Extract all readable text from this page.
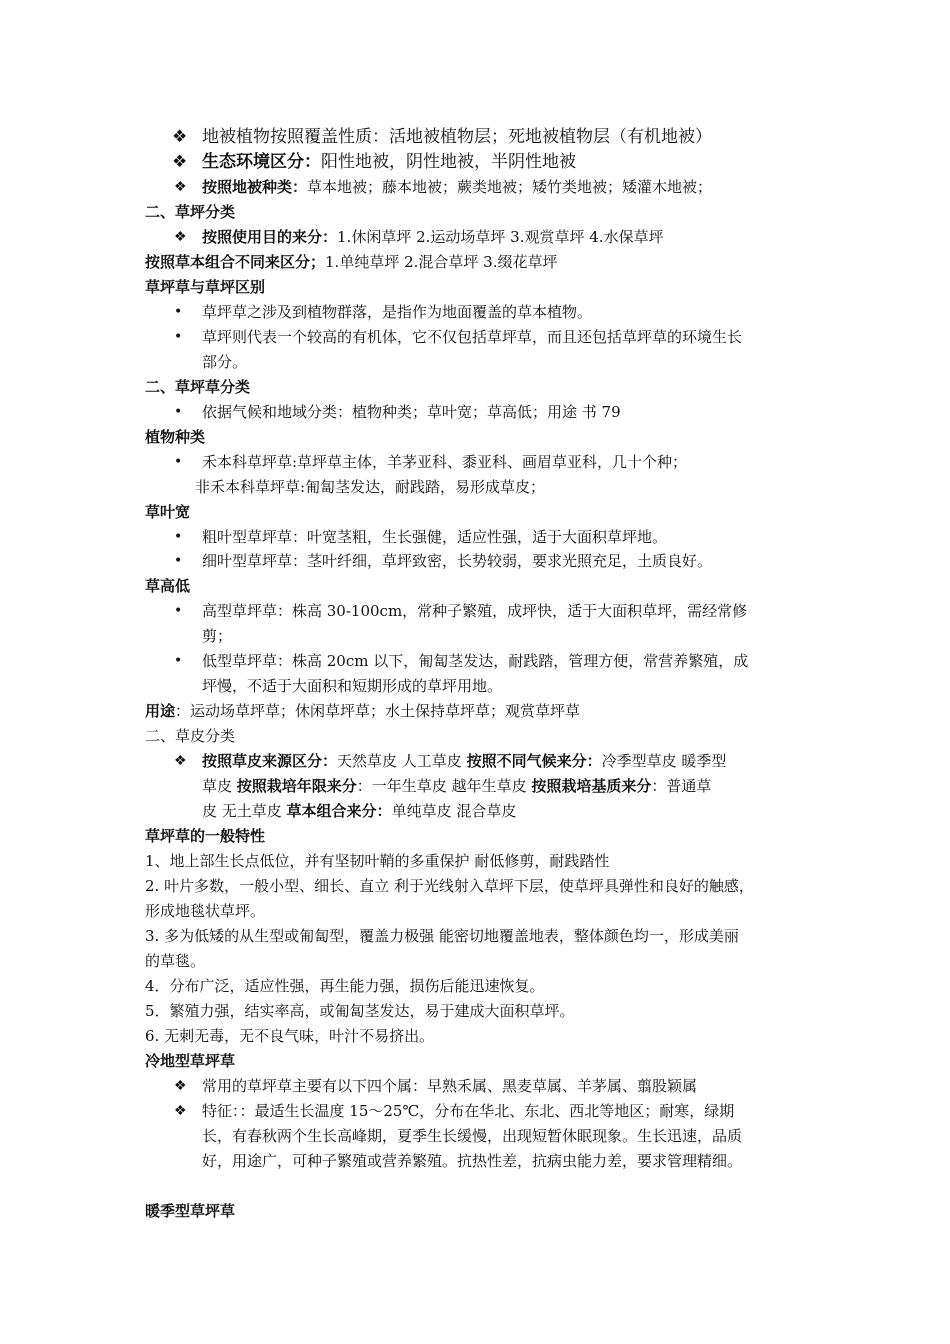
❖ 地被植物按照覆盖性质：活地被植物层；死地被植物层（有机地被）
❖ 生态环境区分：阳性地被，阴性地被，半阴性地被
❖ 按照地被种类：草本地被；藤本地被；蕨类地被；矮竹类地被；矮灌木地被；
二、草坪分类
❖ 按照使用目的来分：1.休闲草坪 2.运动场草坪 3.观赏草坪 4.水保草坪
按照草本组合不同来区分；1.单纯草坪 2.混合草坪 3.缀花草坪
草坪草与草坪区别
• 草坪草之涉及到植物群落，是指作为地面覆盖的草本植物。
• 草坪则代表一个较高的有机体，它不仅包括草坪草，而且还包括草坪草的环境生长
部分。
二、草坪草分类
• 依据气候和地域分类：植物种类；草叶宽；草高低；用途 书 79
植物种类
• 禾本科草坪草:草坪草主体，羊茅亚科、黍亚科、画眉草亚科，几十个种；
非禾本科草坪草:匍匐茎发达，耐践踏，易形成草皮；
草叶宽
• 粗叶型草坪草：叶宽茎粗，生长强健，适应性强，适于大面积草坪地。
• 细叶型草坪草：茎叶纤细，草坪致密，长势较弱，要求光照充足，土质良好。
草高低
• 高型草坪草：株高 30-100cm，常种子繁殖，成坪快，适于大面积草坪，需经常修
剪；
• 低型草坪草：株高 20cm 以下，匍匐茎发达，耐践踏，管理方便，常营养繁殖，成
坪慢，不适于大面积和短期形成的草坪用地。
用途：运动场草坪草；休闲草坪草；水土保持草坪草；观赏草坪草
二、草皮分类
❖ 按照草皮来源区分：天然草皮 人工草皮 按照不同气候来分：冷季型草皮 暖季型
草皮 按照栽培年限来分：一年生草皮 越年生草皮 按照栽培基质来分：普通草
皮 无土草皮 草本组合来分：单纯草皮 混合草皮
草坪草的一般特性
1、地上部生长点低位，并有坚韧叶鞘的多重保护 耐低修剪，耐践踏性
2. 叶片多数，一般小型、细长、直立 利于光线射入草坪下层，使草坪具弹性和良好的触感，
形成地毯状草坪。
3. 多为低矮的从生型或匍匐型，覆盖力极强 能密切地覆盖地表，整体颜色均一，形成美丽
的草毯。
4．分布广泛，适应性强，再生能力强，损伤后能迅速恢复。
5．繁殖力强，结实率高，或匍匐茎发达，易于建成大面积草坪。
6. 无刺无毒，无不良气味，叶汁不易挤出。
冷地型草坪草
❖ 常用的草坪草主要有以下四个属：早熟禾属、黑麦草属、羊茅属、翦股颖属
❖ 特征：：最适生长温度 15～25℃，分布在华北、东北、西北等地区；耐寒，绿期
长，有春秋两个生长高峰期，夏季生长缓慢，出现短暂休眠现象。生长迅速，品质
好，用途广，可种子繁殖或营养繁殖。抗热性差，抗病虫能力差，要求管理精细。
暖季型草坪草
